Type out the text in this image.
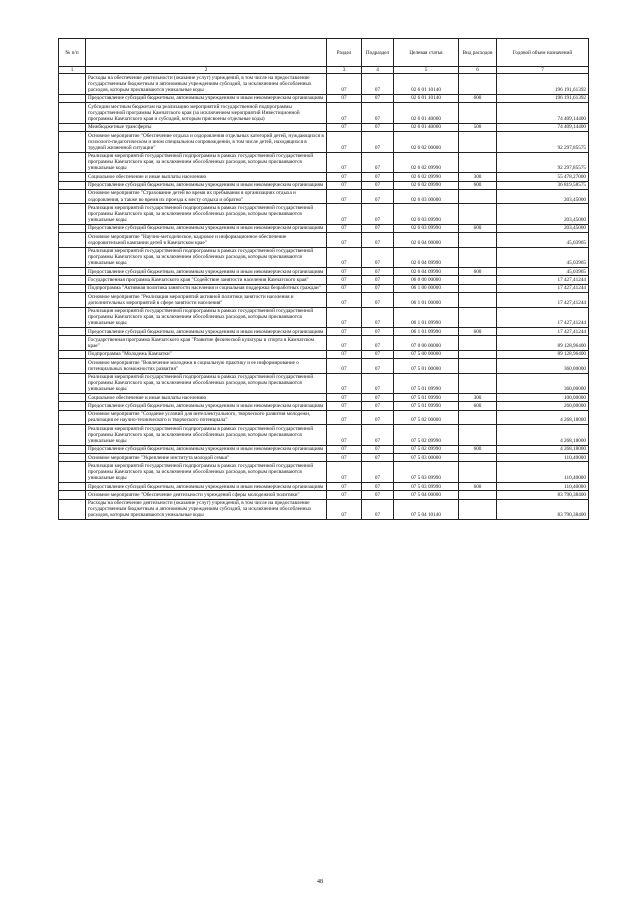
№ п/п		Раздел	Подраздел	Целевая статья	Вид расходов	Годовой объем назначений
1	2	3	4	5	6	7
	Расходы на обеспечение деятельности (оказание услуг) учреждений, в том числе на предоставление государственным бюджетным и автономным учреждениям субсидий, за исключением обособленных расходов, которым присваиваются уникальные коды	07	07	02 6 01 10140		196 191,61392
	Предоставление субсидий бюджетным, автономным учреждениям и иным некоммерческим организациям	07	07	02 6 01 10140	600	196 191,61392
	Субсидии местным бюджетам на реализацию мероприятий государственной подпрограммы государственной программы Камчатского края (за исключением мероприятий Инвестиционной программы Камчатского края и субсидий, которым присвоены отдельные коды)	07	07	02 6 01 40060		74 409,14400
	Межбюджетные трансферты	07	07	02 6 01 40060	500	74 409,14400
	Основное мероприятие "Обеспечение отдыха и оздоровления отдельных категорий детей, нуждающихся в психолого-педагогическом и ином специальном сопровождении, в том числе детей, находящихся в трудной жизненной ситуации"	07	07	02 6 02 00000		92 297,85575
	Реализация мероприятий государственной подпрограммы в рамках государственной государственной программы Камчатского края, за исключением обособленных расходов, которым присваиваются уникальные коды	07	07	02 6 02 09990		92 297,85575
	Социальное обеспечение и иные выплаты населению	07	07	02 6 02 09990	300	55 478,27000
	Предоставление субсидий бюджетным, автономным учреждениям и иным некоммерческим организациям	07	07	02 6 02 09990	600	36 819,58575
	Основное мероприятие "Страхование детей во время их пребывания в организациях отдыха и оздоровления, а также во время их проезда к месту отдыха и обратно"	07	07	02 6 03 00000		203,45000
	Реализация мероприятий государственной подпрограммы в рамках государственной государственной программы Камчатского края, за исключением обособленных расходов, которым присваиваются уникальные коды	07	07	02 6 03 09990		203,45000
	Предоставление субсидий бюджетным, автономным учреждениям и иным некоммерческим организациям	07	07	02 6 03 09990	600	203,45000
	Основное мероприятие "Научно-методическое, кадровое и информационное обеспечение оздоровительной кампании детей в Камчатском крае"	07	07	02 6 04 00000		45,03965
	Реализация мероприятий государственной подпрограммы в рамках государственной государственной программы Камчатского края, за исключением обособленных расходов, которым присваиваются уникальные коды	07	07	02 6 04 09990		45,03965
	Предоставление субсидий бюджетным, автономным учреждениям и иным некоммерческим организациям	07	07	02 6 04 09990	600	45,03965
	Государственная программа Камчатского края "Содействие занятости населения Камчатского края"	07	07	06 0 00 00000		17 427,41244
	Подпрограмма "Активная политика занятости населения и социальная поддержка безработных граждан"	07	07	06 1 00 00000		17 427,41244
	Основное мероприятие "Реализация мероприятий активной политики занятости населения и дополнительных мероприятий в сфере занятости населения"	07	07	06 1 01 00000		17 427,41244
	Реализация мероприятий государственной подпрограммы в рамках государственной государственной программы Камчатского края, за исключением обособленных расходов, которым присваиваются уникальные коды	07	07	06 1 01 09990		17 427,41244
	Предоставление субсидий бюджетным, автономным учреждениям и иным некоммерческим организациям	07	07	06 1 01 09990	600	17 427,41244
	Государственная программа Камчатского края "Развитие физической культуры и спорта в Камчатском крае"	07	07	07 0 00 00000		89 128,96400
	Подпрограмма "Молодежь Камчатки"	07	07	07 5 00 00000		89 128,96400
	Основное мероприятие "Вовлечение молодежи в социальную практику и ее информирование о потенциальных возможностях развития"	07	07	07 5 01 00000		360,00000
	Реализация мероприятий государственной подпрограммы в рамках государственной государственной программы Камчатского края, за исключением обособленных расходов, которым присваиваются уникальные коды	07	07	07 5 01 09990		360,00000
	Социальное обеспечение и иные выплаты населению	07	07	07 5 01 09990	300	100,00000
	Предоставление субсидий бюджетным, автономным учреждениям и иным некоммерческим организациям	07	07	07 5 01 09990	600	260,00000
	Основное мероприятие "Создание условий для интеллектуального, творческого развития молодежи, реализация ее научно-технического и творческого потенциала"	07	07	07 5 02 00000		4 268,18000
	Реализация мероприятий государственной подпрограммы в рамках государственной государственной программы Камчатского края, за исключением обособленных расходов, которым присваиваются уникальные коды	07	07	07 5 02 09990		4 268,18000
	Предоставление субсидий бюджетным, автономным учреждениям и иным некоммерческим организациям	07	07	07 5 02 09990	600	4 268,18000
	Основное мероприятие "Укрепление института молодой семьи"	07	07	07 5 03 00000		110,40000
	Реализация мероприятий государственной подпрограммы в рамках государственной государственной программы Камчатского края, за исключением обособленных расходов, которым присваиваются уникальные коды	07	07	07 5 03 09990		110,40000
	Предоставление субсидий бюджетным, автономным учреждениям и иным некоммерческим организациям	07	07	07 5 03 09990	600	110,40000
	Основное мероприятие "Обеспечение деятельности учреждений сферы молодежной политики"	07	07	07 5 04 00000		83 790,38400
	Расходы на обеспечение деятельности (оказание услуг) учреждений, в том числе на предоставление государственным бюджетным и автономным учреждениям субсидий, за исключением обособленных расходов, которым присваиваются уникальные коды	07	07	07 5 04 10140		83 790,38400
48
